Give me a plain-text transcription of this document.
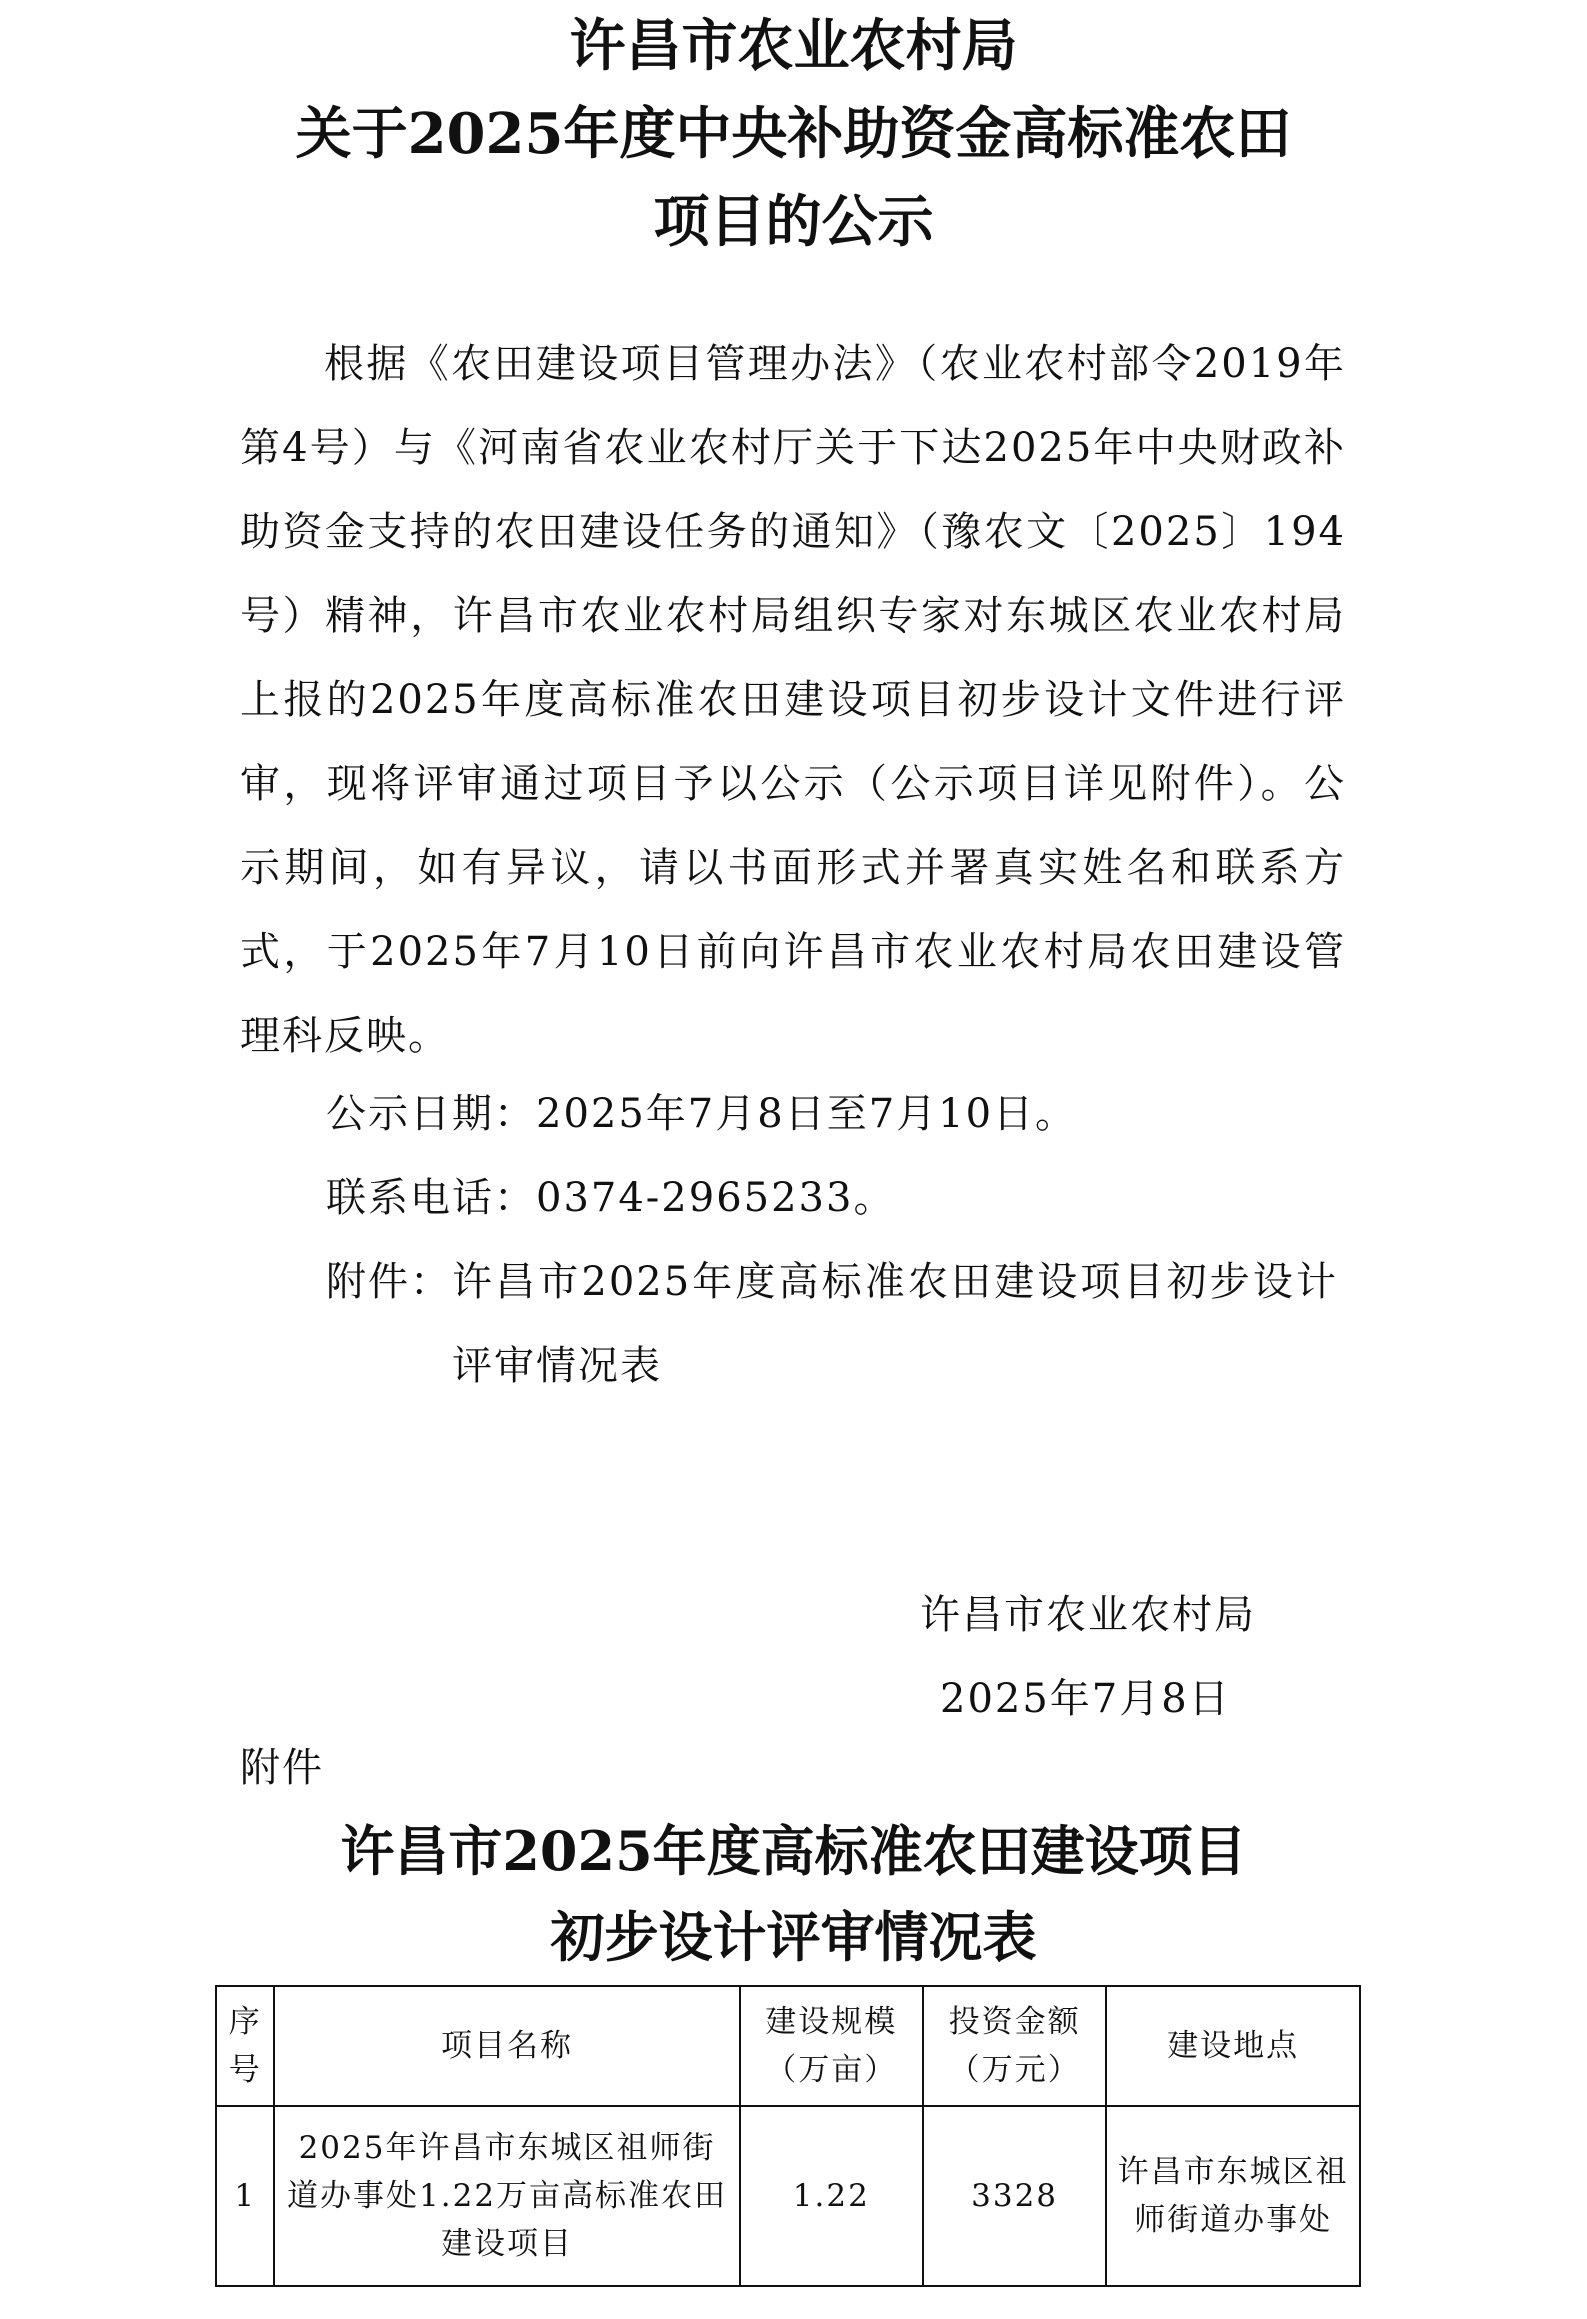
许昌市农业农村局
关于2025年度中央补助资金高标准农田
项目的公示

根据《农田建设项目管理办法》（农业农村部令2019年第4号）与《河南省农业农村厅关于下达2025年中央财政补助资金支持的农田建设任务的通知》（豫农文〔2025〕194号）精神，许昌市农业农村局组织专家对东城区农业农村局上报的2025年度高标准农田建设项目初步设计文件进行评审，现将评审通过项目予以公示（公示项目详见附件）。公示期间，如有异议，请以书面形式并署真实姓名和联系方式，于2025年7月10日前向许昌市农业农村局农田建设管理科反映。

公示日期：2025年7月8日至7月10日。

联系电话：0374-2965233。

附件：许昌市2025年度高标准农田建设项目初步设计评审情况表

许昌市农业农村局

2025年7月8日

附件

许昌市2025年度高标准农田建设项目
初步设计评审情况表
序号	项目名称	建设规模（万亩）	投资金额（万元）	建设地点
1	2025年许昌市东城区祖师街道办事处1.22万亩高标准农田建设项目	1.22	3328	许昌市东城区祖师街道办事处
